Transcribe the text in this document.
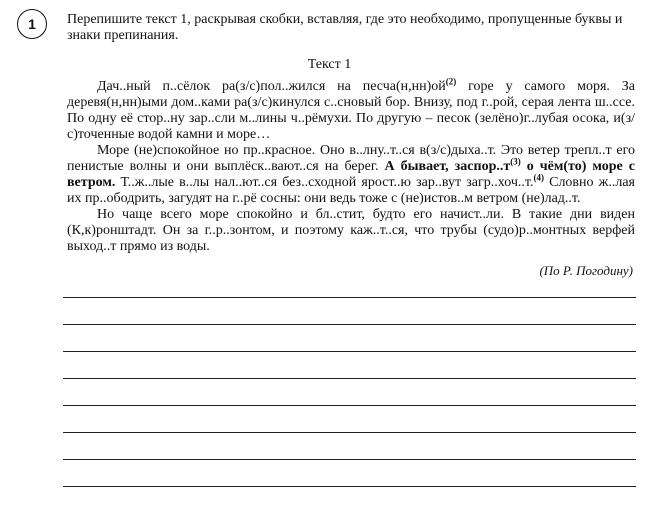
1 Перепишите текст 1, раскрывая скобки, вставляя, где это необходимо, пропущенные буквы и знаки препинания.

Текст 1

Дач..ный п..сёлок ра(з/с)пол..жился на $песча(н,нн)ой^{(2)}$ горе у самого моря. За деревя(н,нн)ыми дом..ками ра(з/с)кинулся с..сновый бор. Внизу, под г..рой, серая лента ш..ссе. По одну её стор..ну зар..сли м..лины ч..рёмухи. По другую – песок (зелёно)г..лубая осока, и(з/с)точенные водой камни и море…

Море (не)спокойное но пр..красное. Оно в..лну..т..ся в(з/с)дыха..т. Это ветер трепл..т его пенистые волны и они выплёск..вают..ся на берег. А бывает, $заспор..т^{(3)}$ о чём(то) море с ветром. Т..ж..лые в..лы нал..ют..ся без..сходной ярост..ю зар..вут загр..хоч..т.$^{(4)}$ Словно ж..лая их пр..ободрить, загудят на г..рё сосны: они ведь тоже с (не)истов..м ветром (не)лад..т.

Но чаще всего море спокойно и бл..стит, будто его начист..ли. В такие дни виден (К,к)ронштадт. Он за г..р..зонтом, и поэтому каж..т..ся, что трубы (судо)р..монтных верфей выход..т прямо из воды.

(По Р. Погодину)
